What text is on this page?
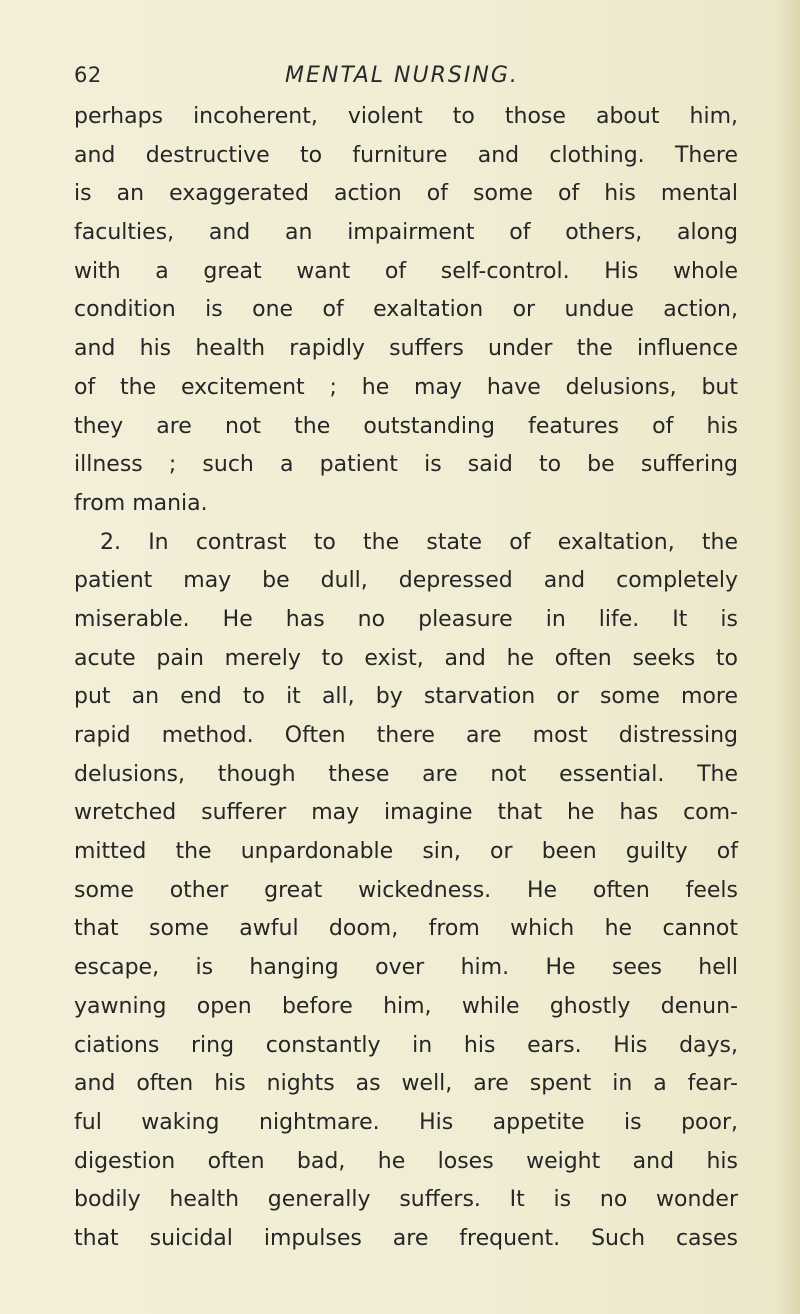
62	MENTAL NURSING.
perhaps incoherent, violent to those about him,
and destructive to furniture and clothing. There
is an exaggerated action of some of his mental
faculties, and an impairment of others, along
with a great want of self-control. His whole
condition is one of exaltation or undue action,
and his health rapidly suffers under the influence
of the excitement ; he may have delusions, but
they are not the outstanding features of his
illness ; such a patient is said to be suffering
from mania.
2. In contrast to the state of exaltation, the
patient may be dull, depressed and completely
miserable. He has no pleasure in life. It is
acute pain merely to exist, and he often seeks to
put an end to it all, by starvation or some more
rapid method. Often there are most distressing
delusions, though these are not essential. The
wretched sufferer may imagine that he has com-
mitted the unpardonable sin, or been guilty of
some other great wickedness. He often feels
that some awful doom, from which he cannot
escape, is hanging over him. He sees hell
yawning open before him, while ghostly denun-
ciations ring constantly in his ears. His days,
and often his nights as well, are spent in a fear-
ful waking nightmare. His appetite is poor,
digestion often bad, he loses weight and his
bodily health generally suffers. It is no wonder
that suicidal impulses are frequent. Such cases
